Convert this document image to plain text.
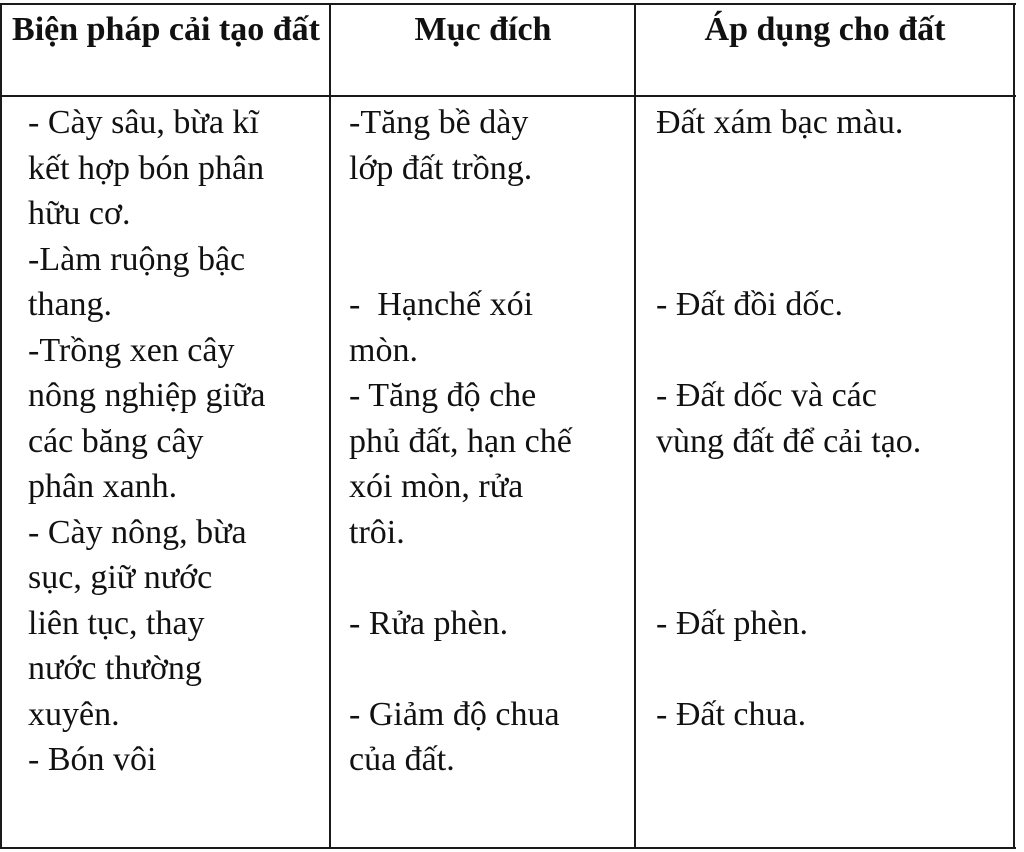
Biện pháp cải tạo đất	Mục đích	Áp dụng cho đất
- Cày sâu, bừa kĩ
kết hợp bón phân
hữu cơ.
-Làm ruộng bậc
thang.
-Trồng xen cây
nông nghiệp giữa
các băng cây
phân xanh.
- Cày nông, bừa
sục, giữ nước
liên tục, thay
nước thường
xuyên.
- Bón vôi
-Tăng bề dày
lớp đất trồng.

-  Hạnchế xói
mòn.
- Tăng độ che
phủ đất, hạn chế
xói mòn, rửa
trôi.

- Rửa phèn.

- Giảm độ chua
của đất.
Đất xám bạc màu.

- Đất đồi dốc.

- Đất dốc và các
vùng đất để cải tạo.

- Đất phèn.

- Đất chua.
